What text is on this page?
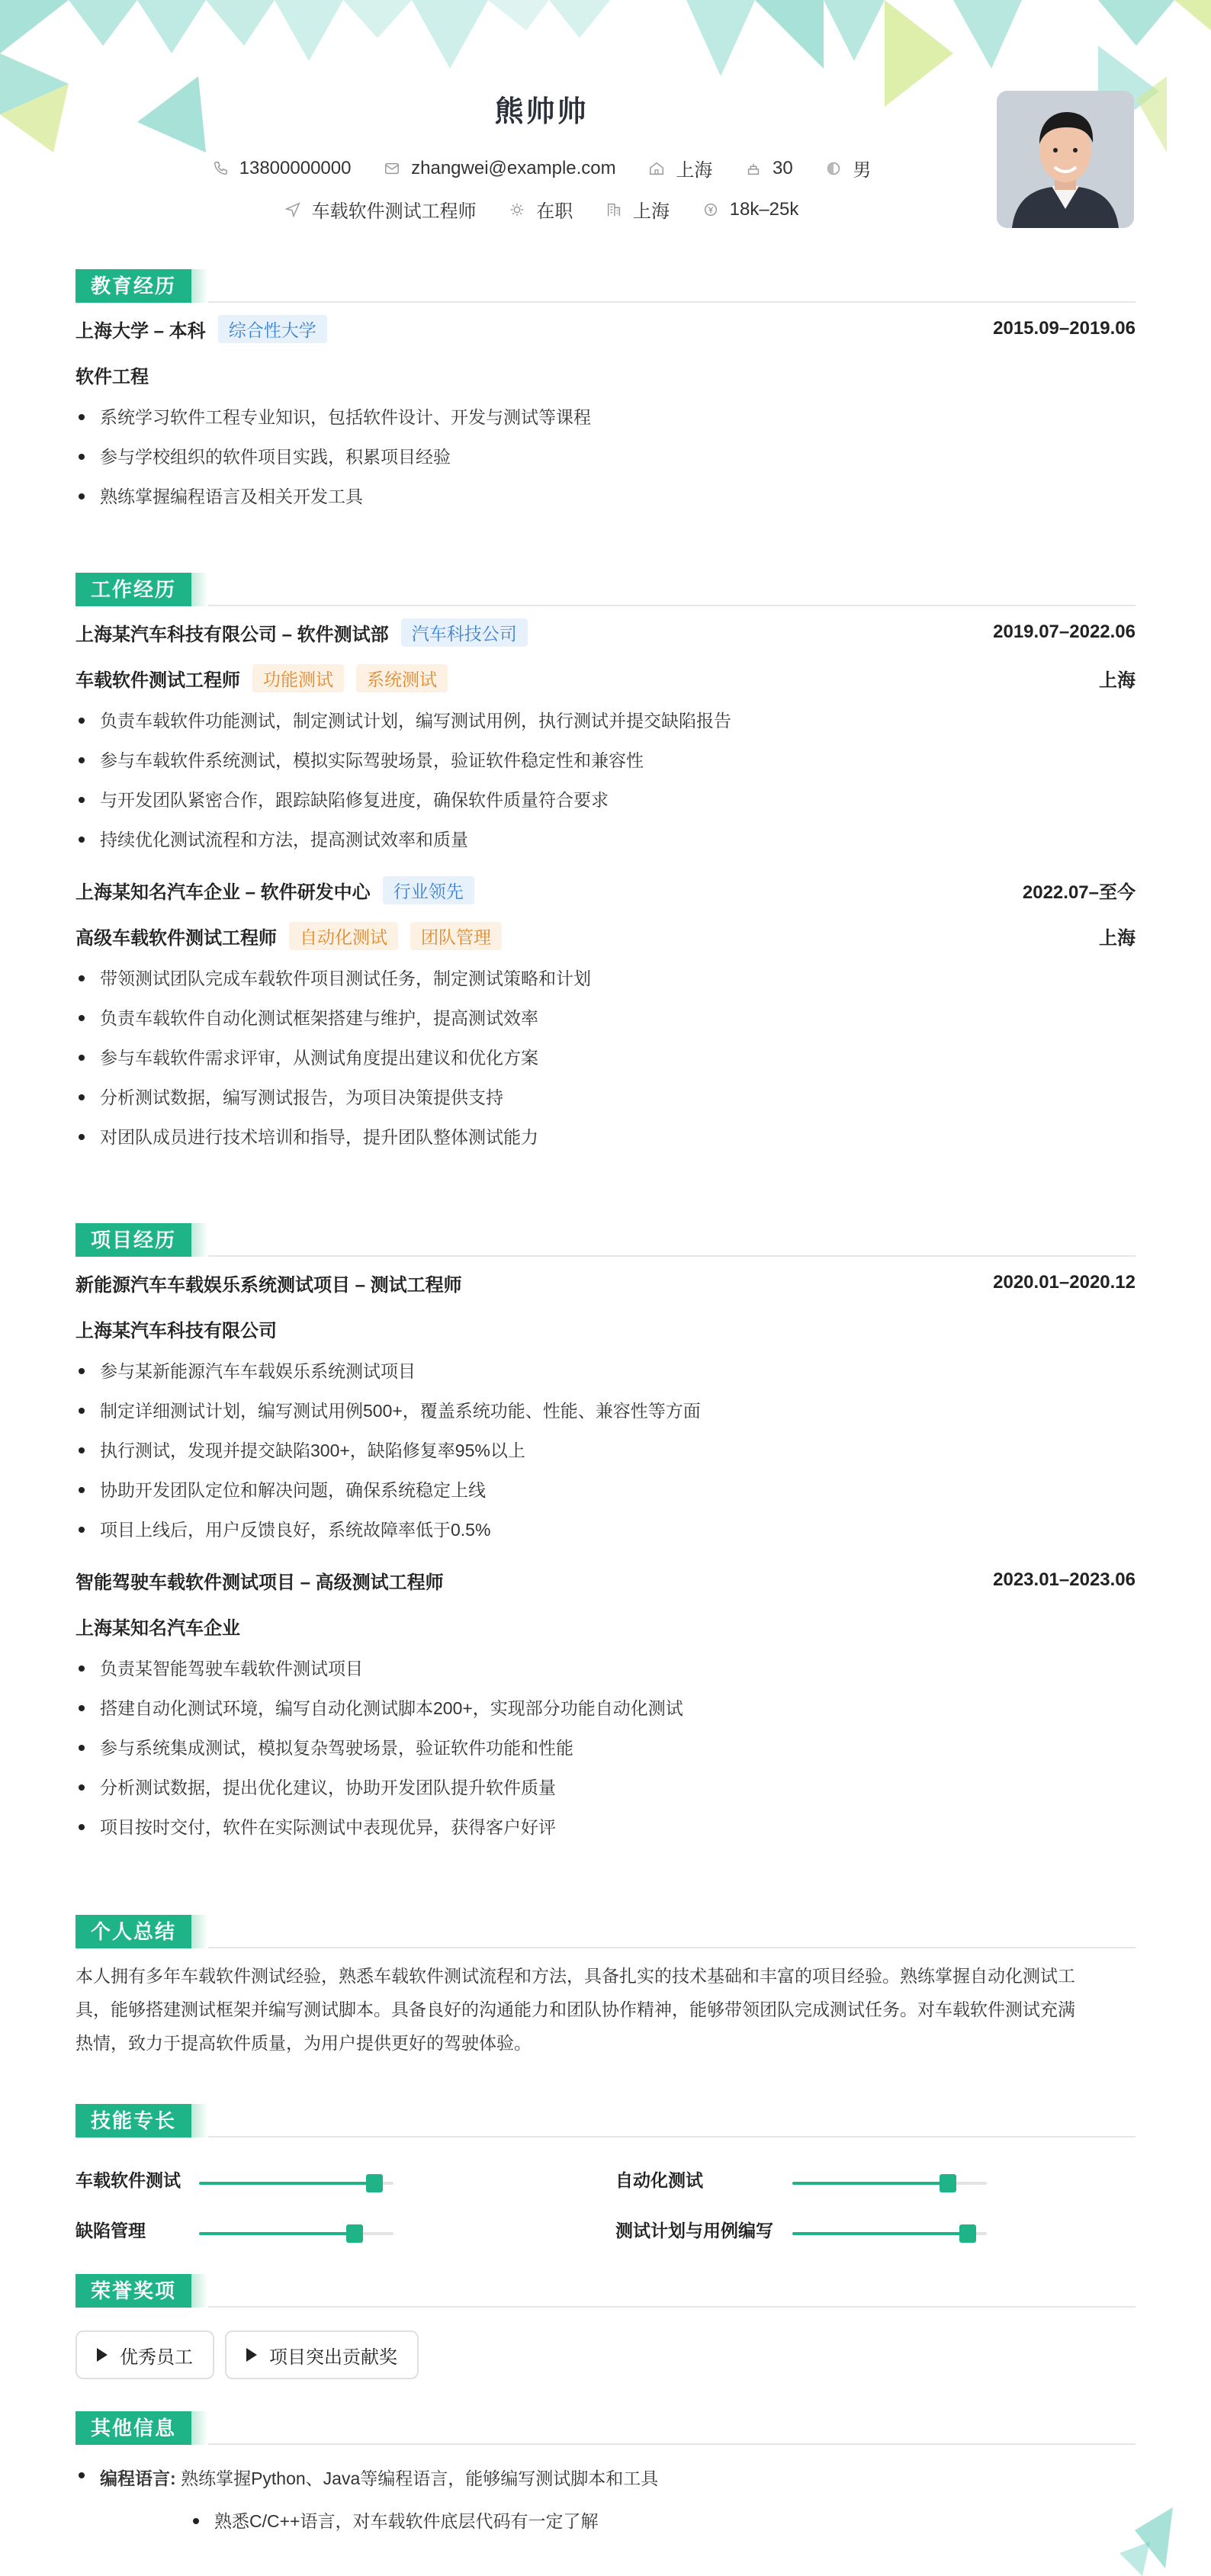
熊帅帅
13800000000
	zhangwei@example.com
	上海
	30
	男
车载软件测试工程师
	在职
	上海
	18k–25k
教育经历
上海大学 – 本科	综合性大学	2015.09–2019.06
软件工程
系统学习软件工程专业知识，包括软件设计、开发与测试等课程
参与学校组织的软件项目实践，积累项目经验
熟练掌握编程语言及相关开发工具
工作经历
上海某汽车科技有限公司 – 软件测试部	汽车科技公司	2019.07–2022.06
车载软件测试工程师	功能测试	系统测试	上海
负责车载软件功能测试，制定测试计划，编写测试用例，执行测试并提交缺陷报告
参与车载软件系统测试，模拟实际驾驶场景，验证软件稳定性和兼容性
与开发团队紧密合作，跟踪缺陷修复进度，确保软件质量符合要求
持续优化测试流程和方法，提高测试效率和质量
上海某知名汽车企业 – 软件研发中心	行业领先	2022.07–至今
高级车载软件测试工程师	自动化测试	团队管理	上海
带领测试团队完成车载软件项目测试任务，制定测试策略和计划
负责车载软件自动化测试框架搭建与维护，提高测试效率
参与车载软件需求评审，从测试角度提出建议和优化方案
分析测试数据，编写测试报告，为项目决策提供支持
对团队成员进行技术培训和指导，提升团队整体测试能力
项目经历
新能源汽车车载娱乐系统测试项目 – 测试工程师	2020.01–2020.12
上海某汽车科技有限公司
参与某新能源汽车车载娱乐系统测试项目
制定详细测试计划，编写测试用例500+，覆盖系统功能、性能、兼容性等方面
执行测试，发现并提交缺陷300+，缺陷修复率95%以上
协助开发团队定位和解决问题，确保系统稳定上线
项目上线后，用户反馈良好，系统故障率低于0.5%
智能驾驶车载软件测试项目 – 高级测试工程师	2023.01–2023.06
上海某知名汽车企业
负责某智能驾驶车载软件测试项目
搭建自动化测试环境，编写自动化测试脚本200+，实现部分功能自动化测试
参与系统集成测试，模拟复杂驾驶场景，验证软件功能和性能
分析测试数据，提出优化建议，协助开发团队提升软件质量
项目按时交付，软件在实际测试中表现优异，获得客户好评
个人总结
本人拥有多年车载软件测试经验，熟悉车载软件测试流程和方法，具备扎实的技术基础和丰富的项目经验。熟练掌握自动化测试工
具，能够搭建测试框架并编写测试脚本。具备良好的沟通能力和团队协作精神，能够带领团队完成测试任务。对车载软件测试充满
热情，致力于提高软件质量，为用户提供更好的驾驶体验。
技能专长
车载软件测试	自动化测试
缺陷管理	测试计划与用例编写
荣誉奖项
优秀员工	项目突出贡献奖
其他信息
编程语言: 熟练掌握Python、Java等编程语言，能够编写测试脚本和工具
熟悉C/C++语言，对车载软件底层代码有一定了解
